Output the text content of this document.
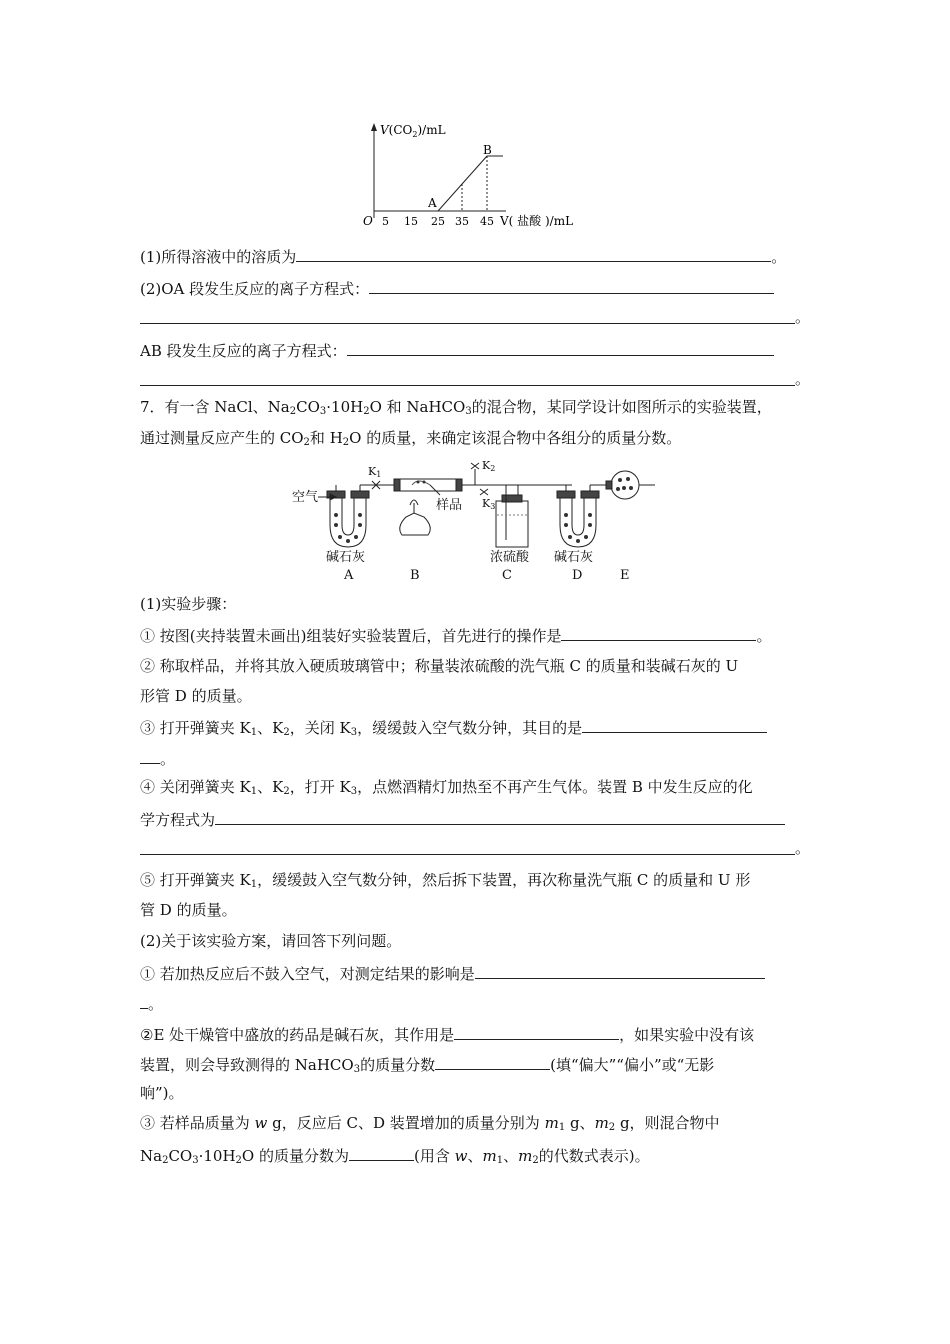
$V(CO_2)/mL$
O 5 15 25 35 45 V( 盐酸 )/mL
A
B
(1)所得溶液中的溶质为	。
(2)OA 段发生反应的离子方程式：
。
AB 段发生反应的离子方程式：
。
7．有一含 NaCl、$Na_2CO_3\cdot 10H_2O$ 和 NaHCO$_3$的混合物，某同学设计如图所示的实验装置，
通过测量反应产生的 $CO_2$和 $H_2O$ 的质量，来确定该混合物中各组分的质量分数。
空气
K1
K2
K3
样品
碱石灰	浓硫酸 碱石灰
A	B	C	D	E
(1)实验步骤：
① 按图(夹持装置未画出)组装好实验装置后，首先进行的操作是	。
② 称取样品，并将其放入硬质玻璃管中；称量装浓硫酸的洗气瓶 C 的质量和装碱石灰的 U
形管 D 的质量。
③ 打开弹簧夹 $K_1$、$K_2$，关闭 $K_3$，缓缓鼓入空气数分钟，其目的是
。
④ 关闭弹簧夹 $K_1$、$K_2$，打开 $K_3$，点燃酒精灯加热至不再产生气体。装置 B 中发生反应的化
学方程式为
。
⑤ 打开弹簧夹 $K_1$，缓缓鼓入空气数分钟，然后拆下装置，再次称量洗气瓶 C 的质量和 U 形
管 D 的质量。
(2)关于该实验方案，请回答下列问题。
① 若加热反应后不鼓入空气，对测定结果的影响是
。
②E 处干燥管中盛放的药品是碱石灰，其作用是	，如果实验中没有该
装置，则会导致测得的 NaHCO$_3$的质量分数	(填“偏大”“偏小”或“无影
响”)。
③ 若样品质量为 w g，反应后 C、D 装置增加的质量分别为 $m_1$ g、$m_2$ g，则混合物中
$Na_2CO_3\cdot 10H_2O$ 的质量分数为	(用含 w、$m_1$、$m_2$的代数式表示)。
